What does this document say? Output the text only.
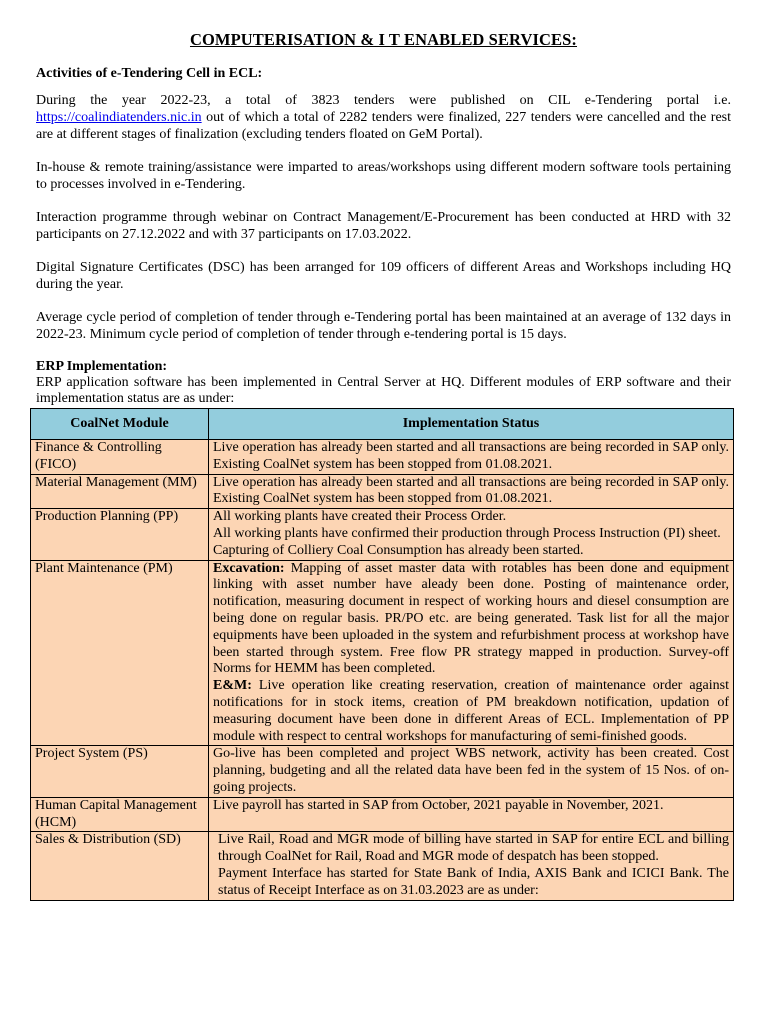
COMPUTERISATION & I T ENABLED SERVICES:
Activities of e-Tendering Cell in ECL:

During the year 2022-23, a total of 3823 tenders were published on CIL e-Tendering portal i.e. https://coalindiatenders.nic.in out of which a total of 2282 tenders were finalized, 227 tenders were cancelled and the rest are at different stages of finalization (excluding tenders floated on GeM Portal).

In-house & remote training/assistance were imparted to areas/workshops using different modern software tools pertaining to processes involved in e-Tendering.

Interaction programme through webinar on Contract Management/E-Procurement has been conducted at HRD with 32 participants on 27.12.2022 and with 37 participants on 17.03.2022.

Digital Signature Certificates (DSC) has been arranged for 109 officers of different Areas and Workshops including HQ during the year.

Average cycle period of completion of tender through e-Tendering portal has been maintained at an average of 132 days in 2022-23. Minimum cycle period of completion of tender through e-tendering portal is 15 days.

ERP Implementation:
ERP application software has been implemented in Central Server at HQ. Different modules of ERP software and their implementation status are as under:
CoalNet Module	Implementation Status
Finance & Controlling (FICO)	Live operation has already been started and all transactions are being recorded in SAP only. Existing CoalNet system has been stopped from 01.08.2021.
Material Management (MM)	Live operation has already been started and all transactions are being recorded in SAP only. Existing CoalNet system has been stopped from 01.08.2021.
Production Planning (PP)	All working plants have created their Process Order.
All working plants have confirmed their production through Process Instruction (PI) sheet.
Capturing of Colliery Coal Consumption has already been started.

Plant Maintenance (PM)	Excavation: Mapping of asset master data with rotables has been done and equipment linking with asset number have aleady been done. Posting of maintenance order, notification, measuring document in respect of working hours and diesel consumption are being done on regular basis. PR/PO etc. are being generated. Task list for all the major equipments have been uploaded in the system and refurbishment process at workshop have been started through system. Free flow PR strategy mapped in production. Survey-off Norms for HEMM has been completed.
E&M: Live operation like creating reservation, creation of maintenance order against notifications for in stock items, creation of PM breakdown notification, updation of measuring document have been done in different Areas of ECL. Implementation of PP module with respect to central workshops for manufacturing of semi-finished goods.

Project System (PS)	Go-live has been completed and project WBS network, activity has been created. Cost planning, budgeting and all the related data have been fed in the system of 15 Nos. of on-going projects.
Human Capital Management (HCM)	Live payroll has started in SAP from October, 2021 payable in November, 2021.
Sales & Distribution (SD)	Live Rail, Road and MGR mode of billing have started in SAP for entire ECL and billing through CoalNet for Rail, Road and MGR mode of despatch has been stopped.
Payment Interface has started for State Bank of India, AXIS Bank and ICICI Bank. The status of Receipt Interface as on 31.03.2023 are as under:
